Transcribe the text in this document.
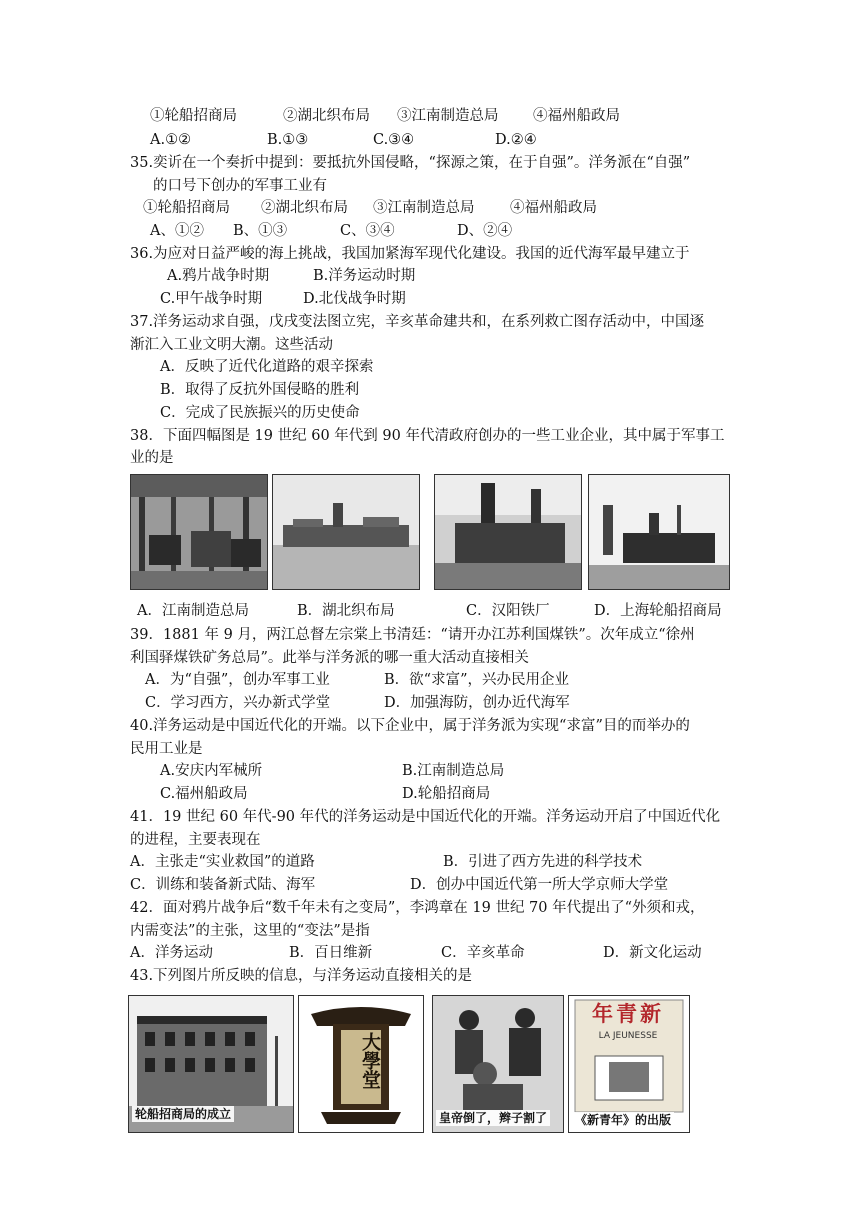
①轮船招商局	②湖北织布局 ③江南制造总局 ④福州船政局
A.①②	B.①③	C.③④	D.②④
35.奕䜣在一个奏折中提到：要抵抗外国侵略，“探源之策，在于自强”。洋务派在“自强”
的口号下创办的军事工业有
①轮船招商局 ②湖北织布局 ③江南制造总局 ④福州船政局
A、①② B、①③	C、③④	D、②④
36.为应对日益严峻的海上挑战，我国加紧海军现代化建设。我国的近代海军最早建立于
A.鸦片战争时期	B.洋务运动时期
C.甲午战争时期	D.北伐战争时期
37.洋务运动求自强，戊戌变法图立宪，辛亥革命建共和，在系列救亡图存活动中，中国逐
渐汇入工业文明大潮。这些活动
A．反映了近代化道路的艰辛探索
B．取得了反抗外国侵略的胜利
C．完成了民族振兴的历史使命
38．下面四幅图是 19 世纪 60 年代到 90 年代清政府创办的一些工业企业，其中属于军事工
业的是
A．江南制造总局	B．湖北织布局	C．汉阳铁厂	D．上海轮船招商局
39．1881 年 9 月，两江总督左宗棠上书清廷：“请开办江苏利国煤铁”。次年成立“徐州
利国驿煤铁矿务总局”。此举与洋务派的哪一重大活动直接相关
A．为“自强”，创办军事工业	B．欲“求富”，兴办民用企业
C．学习西方，兴办新式学堂	D．加强海防，创办近代海军
40.洋务运动是中国近代化的开端。以下企业中，属于洋务派为实现“求富”目的而举办的
民用工业是
A.安庆内军械所	B.江南制造总局
C.福州船政局	D.轮船招商局
41．19 世纪 60 年代-90 年代的洋务运动是中国近代化的开端。洋务运动开启了中国近代化
的进程，主要表现在
A．主张走“实业救国”的道路	B．引进了西方先进的科学技术
C．训练和装备新式陆、海军	D．创办中国近代第一所大学京师大学堂
42．面对鸦片战争后“数千年未有之变局”，李鸿章在 19 世纪 70 年代提出了“外须和戎，
内需变法”的主张，这里的“变法”是指
A．洋务运动	B．百日维新	C．辛亥革命	D．新文化运动
43.下列图片所反映的信息，与洋务运动直接相关的是
轮船招商局的成立
大學堂
皇帝倒了，辫子割了
年青新
LA JEUNESSE
《新青年》的出版
